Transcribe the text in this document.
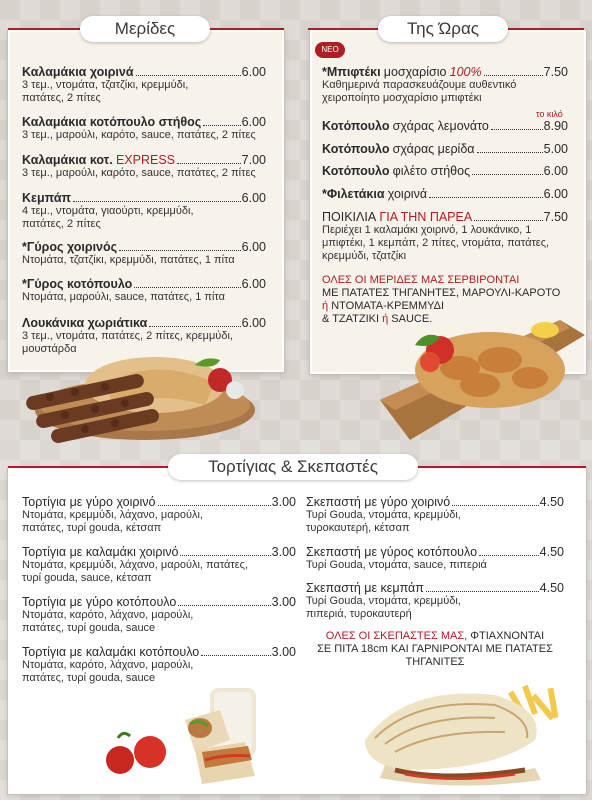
Μερίδες
Καλαμάκια χοιρινά	6.00
3 τεμ., ντομάτα, τζατζίκι, κρεμμύδι, πατάτες, 2 πίτες
Καλαμάκια κοτόπουλο στήθος	6.00
3 τεμ., μαρούλι, καρότο, sauce, πατάτες, 2 πίτες
Καλαμάκια κοτ.
EXPRESS	7.00
3 τεμ., μαρούλι, καρότο, sauce, πατάτες, 2 πίτες
Κεμπάπ	6.00
4 τεμ., ντομάτα, γιαούρτι, κρεμμύδι, πατάτες, 2 πίτες
*Γύρος χοιρινός	6.00
Ντομάτα, τζατζίκι, κρεμμύδι, πατάτες, 1 πίτα
*Γύρος κοτόπουλο	6.00
Ντομάτα, μαρούλι, sauce, πατάτες, 1 πίτα
Λουκάνικα χωριάτικα	6.00
3 τεμ., ντομάτα, πατάτες, 2 πίτες, κρεμμύδι, μουστάρδα
Της Ώρας
ΝΕΟ
*Μπιφτέκι
μοσχαρίσιο
100%	7.50
Καθημερινά παρασκευάζουμε αυθεντικό χειροποίητο μοσχαρίσιο μπιφτέκι
το κιλό
Κοτόπουλο
σχάρας λεμονάτο	8.90
Κοτόπουλο
σχάρας μερίδα	5.00
Κοτόπουλο
φιλέτο στήθος	6.00
*Φιλετάκια
χοιρινά	6.00
ΠΟΙΚΙΛΙΑ
ΓΙΑ ΤΗΝ ΠΑΡΕΑ	7.50
Περιέχει 1 καλαμάκι χοιρινό, 1 λουκάνικο, 1 μπιφτέκι, 1 κεμπάπ, 2 πίτες, ντομάτα, πατάτες, κρεμμύδι, τζατζίκι
ΟΛΕΣ ΟΙ ΜΕΡΙΔΕΣ ΜΑΣ ΣΕΡΒΙΡΟΝΤΑΙ
ΜΕ ΠΑΤΑΤΕΣ ΤΗΓΑΝΗΤΕΣ, ΜΑΡΟΥΛΙ-ΚΑΡΟΤΟ
ή ΝΤΟΜΑΤΑ-ΚΡΕΜΜΥΔΙ
& ΤΖΑΤΖΙΚΙ ή SAUCE.
Τορτίγιας & Σκεπαστές
Τορτίγια με γύρο χοιρινό	3.00
Ντομάτα, κρεμμύδι, λάχανο, μαρούλι, πατάτες, τυρί gouda, κέτσαπ
Τορτίγια με καλαμάκι χοιρινό	3.00
Ντομάτα, κρεμμύδι, λάχανο, μαρούλι, πατάτες, τυρί gouda, sauce, κέτσαπ
Τορτίγια με γύρο κοτόπουλο	3.00
Ντομάτα, καρότο, λάχανο, μαρούλι, πατάτες, τυρί gouda, sauce
Τορτίγια με καλαμάκι κοτόπουλο	3.00
Ντομάτα, καρότο, λάχανο, μαρούλι, πατάτες, τυρί gouda, sauce
Σκεπαστή με γύρο χοιρινό	4.50
Τυρί Gouda, ντομάτα, κρεμμύδι, τυροκαυτερή, κέτσαπ
Σκεπαστή με γύρος κοτόπουλο	4.50
Τυρί Gouda, ντομάτα, sauce, πιπεριά
Σκεπαστή με κεμπάπ	4.50
Τυρί Gouda, ντομάτα, κρεμμύδι, πιπεριά, τυροκαυτερή
ΟΛΕΣ ΟΙ ΣΚΕΠΑΣΤΕΣ ΜΑΣ, ΦΤΙΑΧΝΟΝΤΑΙ
ΣΕ ΠΙΤΑ 18cm ΚΑΙ ΓΑΡΝΙΡΟΝΤΑΙ ΜΕ ΠΑΤΑΤΕΣ
ΤΗΓΑΝΙΤΕΣ
